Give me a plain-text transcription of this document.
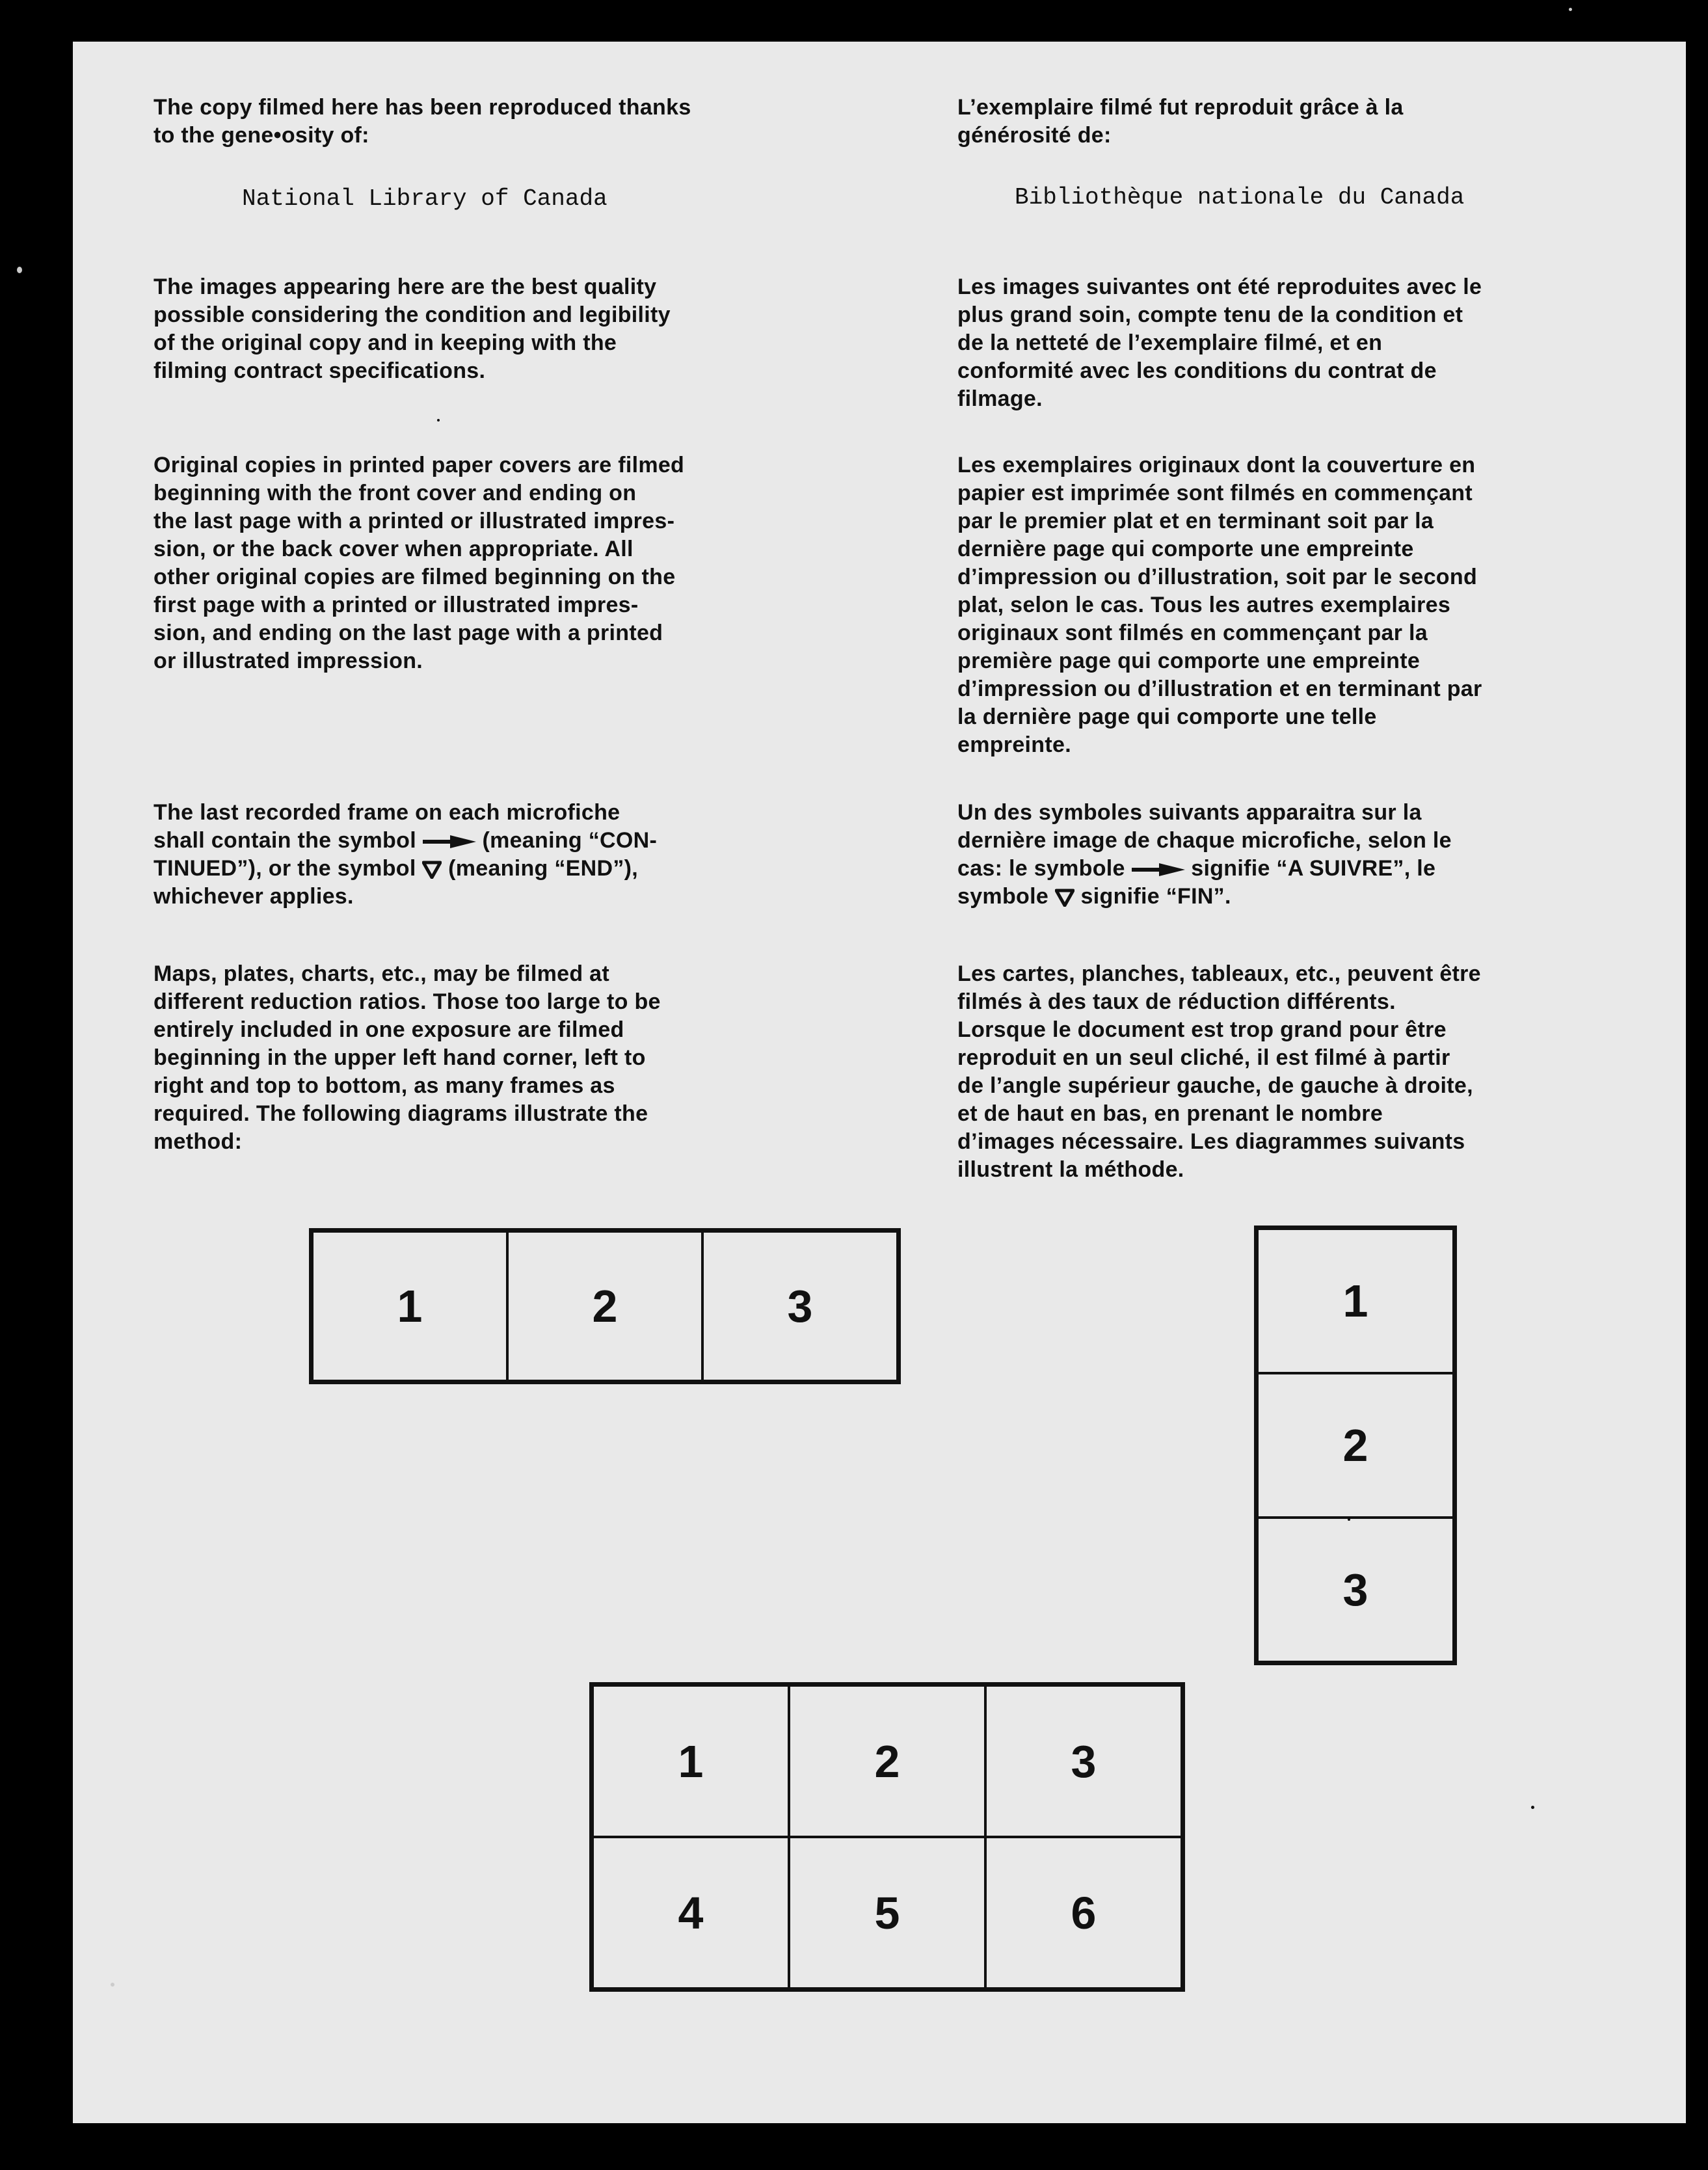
The copy filmed here has been reproduced thanks
to the gene•osity of:

National Library of Canada

The images appearing here are the best quality
possible considering the condition and legibility
of the original copy and in keeping with the
filming contract specifications.

Original copies in printed paper covers are filmed
beginning with the front cover and ending on
the last page with a printed or illustrated impres-
sion, or the back cover when appropriate. All
other original copies are filmed beginning on the
first page with a printed or illustrated impres-
sion, and ending on the last page with a printed
or illustrated impression.

The last recorded frame on each microfiche
shall contain the symbol	(meaning “CON-
TINUED”), or the symbol  (meaning “END”),
whichever applies.

Maps, plates, charts, etc., may be filmed at
different reduction ratios. Those too large to be
entirely included in one exposure are filmed
beginning in the upper left hand corner, left to
right and top to bottom, as many frames as
required. The following diagrams illustrate the
method:

L’exemplaire filmé fut reproduit grâce à la
générosité de:

Bibliothèque nationale du Canada

Les images suivantes ont été reproduites avec le
plus grand soin, compte tenu de la condition et
de la netteté de l’exemplaire filmé, et en
conformité avec les conditions du contrat de
filmage.

Les exemplaires originaux dont la couverture en
papier est imprimée sont filmés en commençant
par le premier plat et en terminant soit par la
dernière page qui comporte une empreinte
d’impression ou d’illustration, soit par le second
plat, selon le cas. Tous les autres exemplaires
originaux sont filmés en commençant par la
première page qui comporte une empreinte
d’impression ou d’illustration et en terminant par
la dernière page qui comporte une telle
empreinte.

Un des symboles suivants apparaitra sur la
dernière image de chaque microfiche, selon le
cas: le symbole	signifie “A SUIVRE”, le
symbole  signifie “FIN”.

Les cartes, planches, tableaux, etc., peuvent être
filmés à des taux de réduction différents.
Lorsque le document est trop grand pour être
reproduit en un seul cliché, il est filmé à partir
de l’angle supérieur gauche, de gauche à droite,
et de haut en bas, en prenant le nombre
d’images nécessaire. Les diagrammes suivants
illustrent la méthode.

1	2	3	1
2
3
1	2	3
4	5	6
